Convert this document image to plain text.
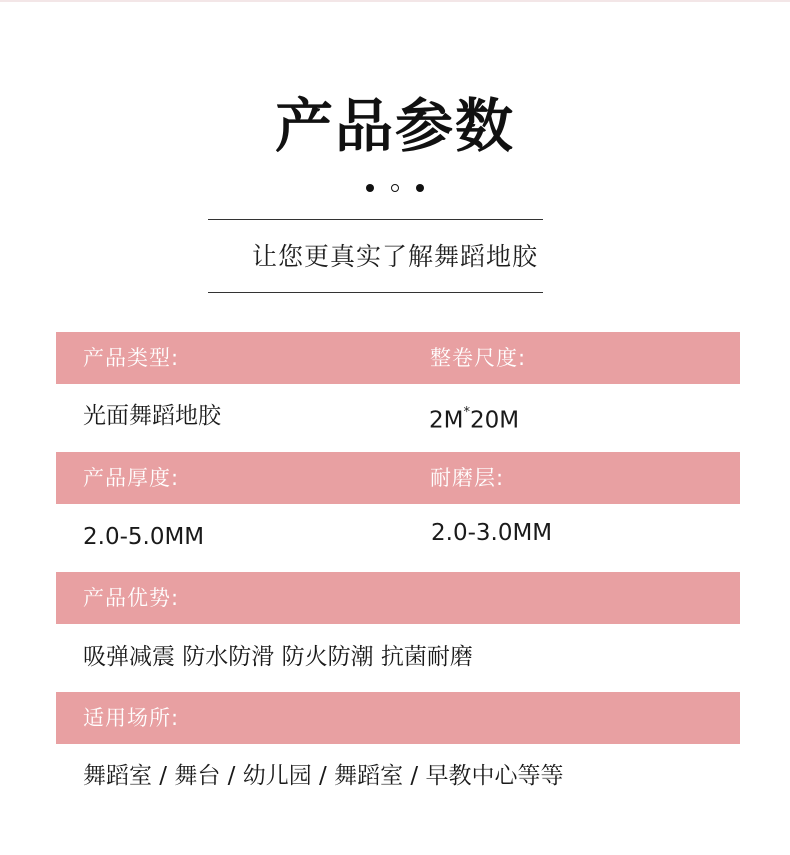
产品参数
让您更真实了解舞蹈地胶
产品类型:	整卷尺度:
光面舞蹈地胶	2M*20M
产品厚度:	耐磨层:
2.0-5.0MM	2.0-3.0MM
产品优势:
吸弹减震 防水防滑 防火防潮 抗菌耐磨
适用场所:
舞蹈室 / 舞台 / 幼儿园 / 舞蹈室 / 早教中心等等
